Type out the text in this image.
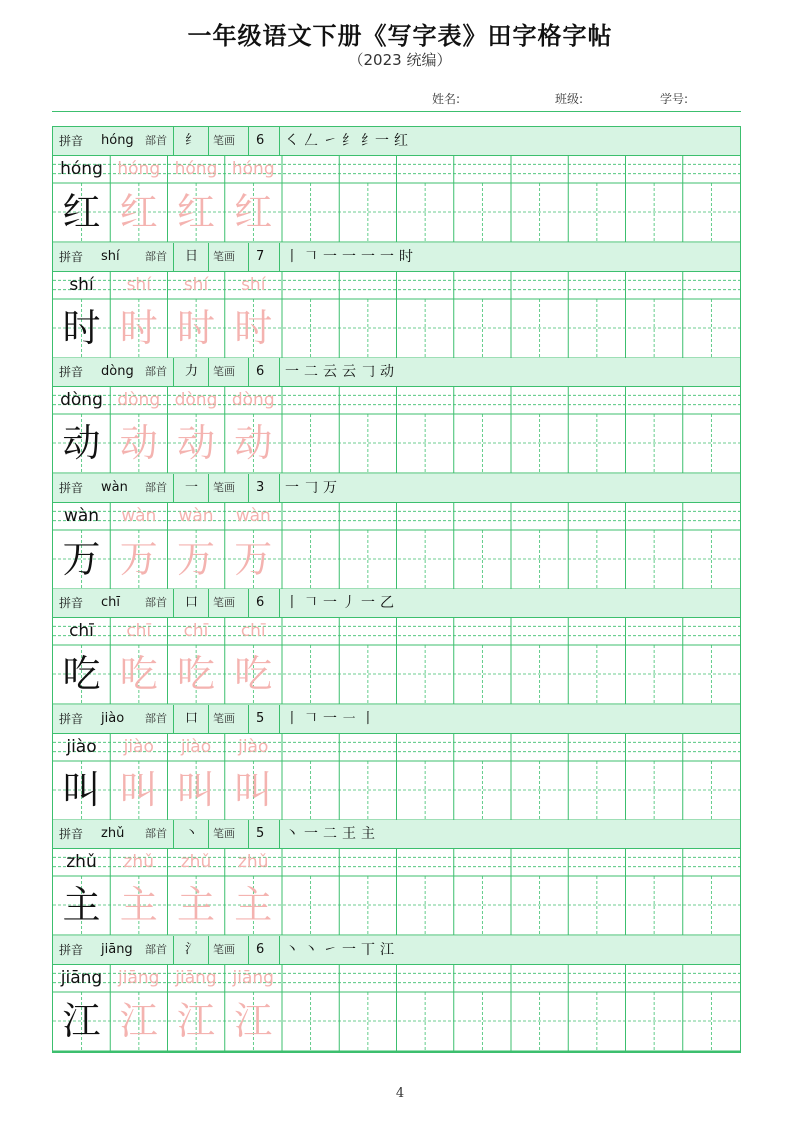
一年级语文下册《写字表》田字格字帖
（2023 统编）
姓名:	班级:	学号:
拼音 hóng 部首 纟 笔画 6 ㇛ 𠃋 ㇀ 纟 纟一 红
hóng
红
hóng
红
hóng
红
hóng
红
拼音 shí 部首 日 笔画 7 丨 𠃍 一 一 一 一 时
shí
时
shí
时
shí
时
shí
时
拼音 dòng 部首 力 笔画 6 一 二 云 云 𠃌 动
dòng
动
dòng
动
dòng
动
dòng
动
拼音 wàn 部首 一 笔画 3 一 𠃌 万
wàn
万
wàn
万
wàn
万
wàn
万
拼音 chī 部首 口 笔画 6 丨 𠃍 一 丿 一 乙
chī
吃
chī
吃
chī
吃
chī
吃
拼音 jiào 部首 口 笔画 5 丨 𠃍 一 ㇐ 丨
jiào
叫
jiào
叫
jiào
叫
jiào
叫
拼音 zhǔ 部首 丶 笔画 5 丶 一 二 王 主
zhǔ
主
zhǔ
主
zhǔ
主
zhǔ
主
拼音 jiāng 部首 氵 笔画 6 丶 丶 ㇀ 一 丅 江
jiāng
江
jiāng
江
jiāng
江
jiāng
江
4
